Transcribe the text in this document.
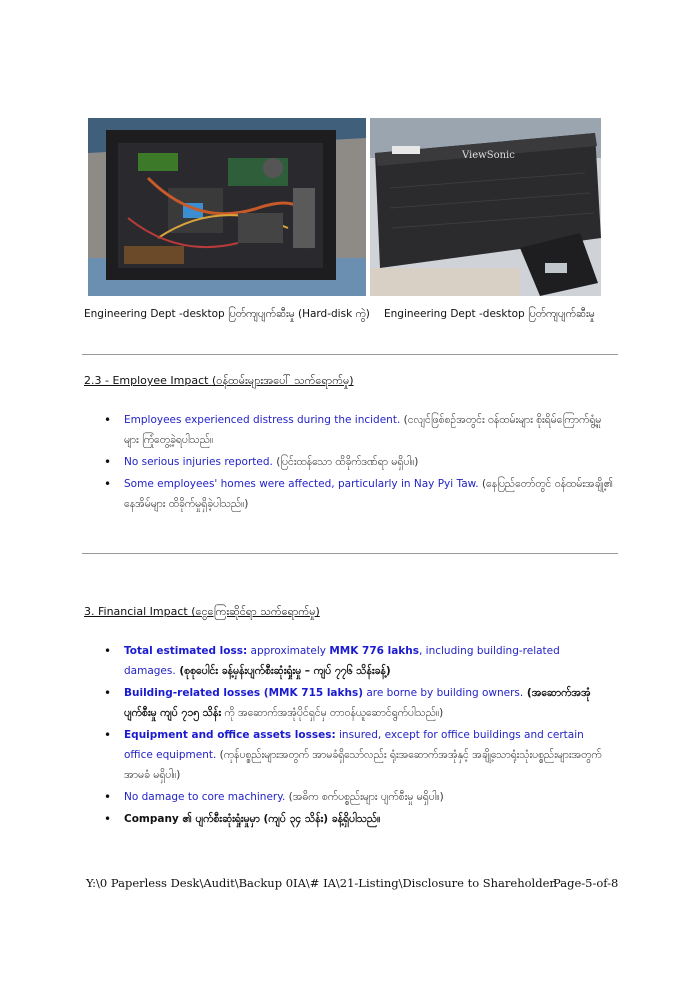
ViewSonic
Engineering Dept -desktop ပြတ်ကျပျက်ဆီးမှု (Hard-disk ကွဲ) Engineering Dept -desktop ပြတ်ကျပျက်ဆီးမှု
2.3 - Employee Impact (ဝန်ထမ်းများအပေါ် သက်ရောက်မှု)
• Employees experienced distress during the incident. (ငလျင်ဖြစ်စဉ်အတွင်း ဝန်ထမ်းများ စိုးရိမ်ကြောက်ရွံ့မှုများ ကြုံတွေ့ခဲ့ရပါသည်။
• No serious injuries reported. (ပြင်းထန်သော ထိခိုက်ဒဏ်ရာ မရှိပါ။)
• Some employees' homes were affected, particularly in Nay Pyi Taw. (နေပြည်တော်တွင် ဝန်ထမ်းအချို့၏ နေအိမ်များ ထိခိုက်မှုရှိခဲ့ပါသည်။)
3. Financial Impact (ငွေကြေးဆိုင်ရာ သက်ရောက်မှု)
• Total estimated loss: approximately MMK 776 lakhs, including building-related damages. (စုစုပေါင်း ခန့်မှန်းပျက်စီးဆုံးရှုံးမှု – ကျပ် ၇၇၆ သိန်းခန့်)
• Building-related losses (MMK 715 lakhs) are borne by building owners. (အဆောက်အအုံပျက်စီးမှု ကျပ် ၇၁၅ သိန်း ကို အဆောက်အအုံပိုင်ရှင်မှ တာဝန်ယူဆောင်ရွက်ပါသည်။)
• Equipment and office assets losses: insured, except for office buildings and certain office equipment. (ကုန်ပစ္စည်းများအတွက် အာမခံရှိသော်လည်း ရုံးအဆောက်အအုံနှင့် အချို့သောရုံးသုံးပစ္စည်းများအတွက် အာမခံ မရှိပါ။)
• No damage to core machinery. (အဓိက စက်ပစ္စည်းများ ပျက်စီးမှု မရှိပါ။)
• Company ၏ ပျက်စီးဆုံးရှုံးမှုမှာ (ကျပ် ၃၄ သိန်း) ခန့်ရှိပါသည်။
Y:\0 Paperless Desk\Audit\Backup 0IA\# IA\21-Listing\Disclosure to Shareholder
Page-5-of-8
